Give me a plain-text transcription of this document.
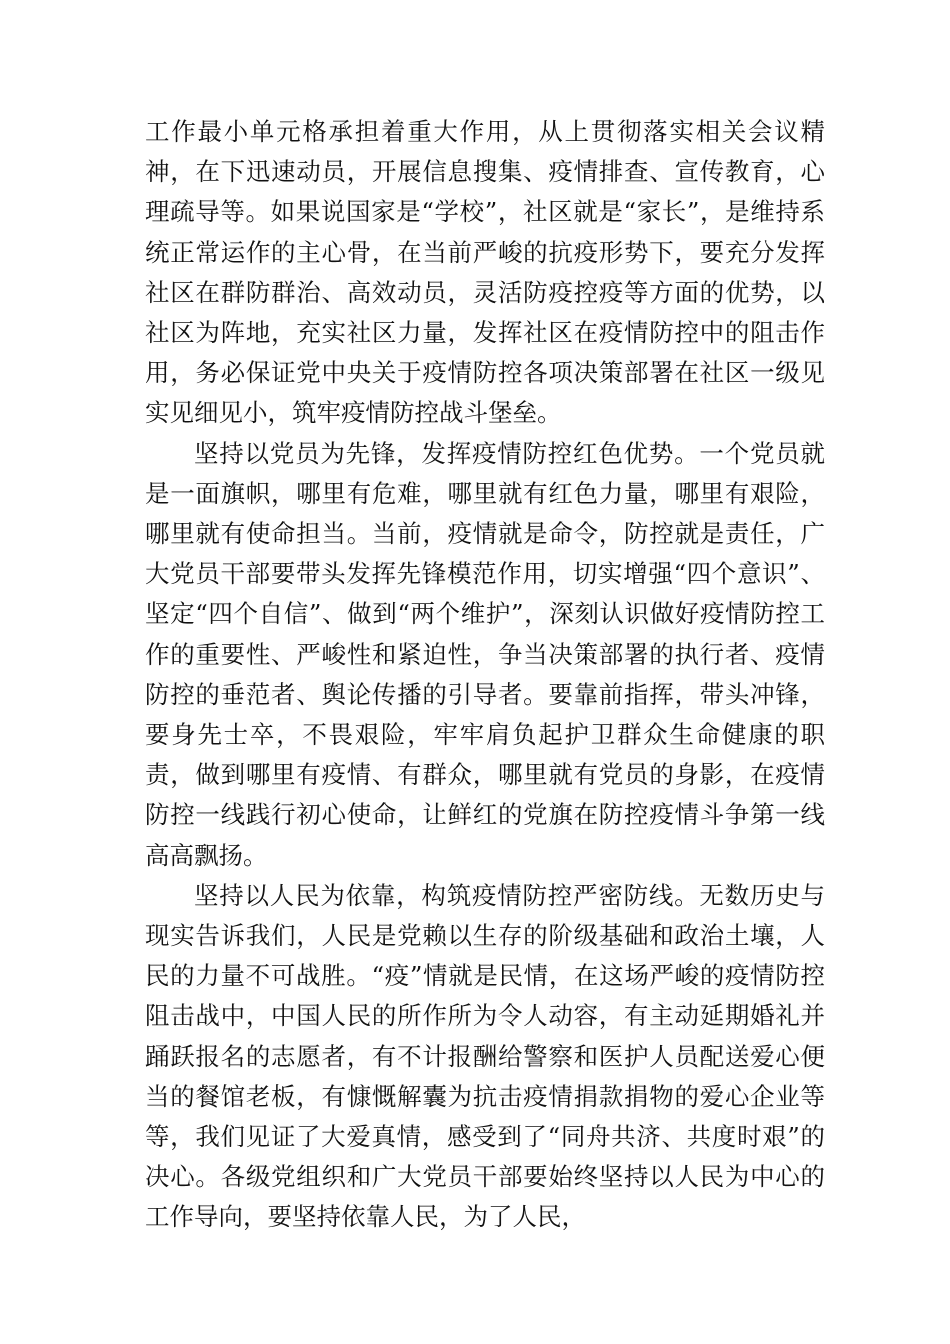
工作最小单元格承担着重大作用，从上贯彻落实相关会议精神，在下迅速动员，开展信息搜集、疫情排查、宣传教育，心理疏导等。如果说国家是“学校”，社区就是“家长”，是维持系统正常运作的主心骨，在当前严峻的抗疫形势下，要充分发挥社区在群防群治、高效动员，灵活防疫控疫等方面的优势，以社区为阵地，充实社区力量，发挥社区在疫情防控中的阻击作用，务必保证党中央关于疫情防控各项决策部署在社区一级见实见细见小，筑牢疫情防控战斗堡垒。

坚持以党员为先锋，发挥疫情防控红色优势。一个党员就是一面旗帜，哪里有危难，哪里就有红色力量，哪里有艰险，哪里就有使命担当。当前，疫情就是命令，防控就是责任，广大党员干部要带头发挥先锋模范作用，切实增强“四个意识”、坚定“四个自信”、做到“两个维护”，深刻认识做好疫情防控工作的重要性、严峻性和紧迫性，争当决策部署的执行者、疫情防控的垂范者、舆论传播的引导者。要靠前指挥，带头冲锋，要身先士卒，不畏艰险，牢牢肩负起护卫群众生命健康的职责，做到哪里有疫情、有群众，哪里就有党员的身影，在疫情防控一线践行初心使命，让鲜红的党旗在防控疫情斗争第一线高高飘扬。

坚持以人民为依靠，构筑疫情防控严密防线。无数历史与现实告诉我们，人民是党赖以生存的阶级基础和政治土壤，人民的力量不可战胜。“疫”情就是民情，在这场严峻的疫情防控阻击战中，中国人民的所作所为令人动容，有主动延期婚礼并踊跃报名的志愿者，有不计报酬给警察和医护人员配送爱心便当的餐馆老板，有慷慨解囊为抗击疫情捐款捐物的爱心企业等等，我们见证了大爱真情，感受到了“同舟共济、共度时艰”的决心。各级党组织和广大党员干部要始终坚持以人民为中心的工作导向，要坚持依靠人民，为了人民，
